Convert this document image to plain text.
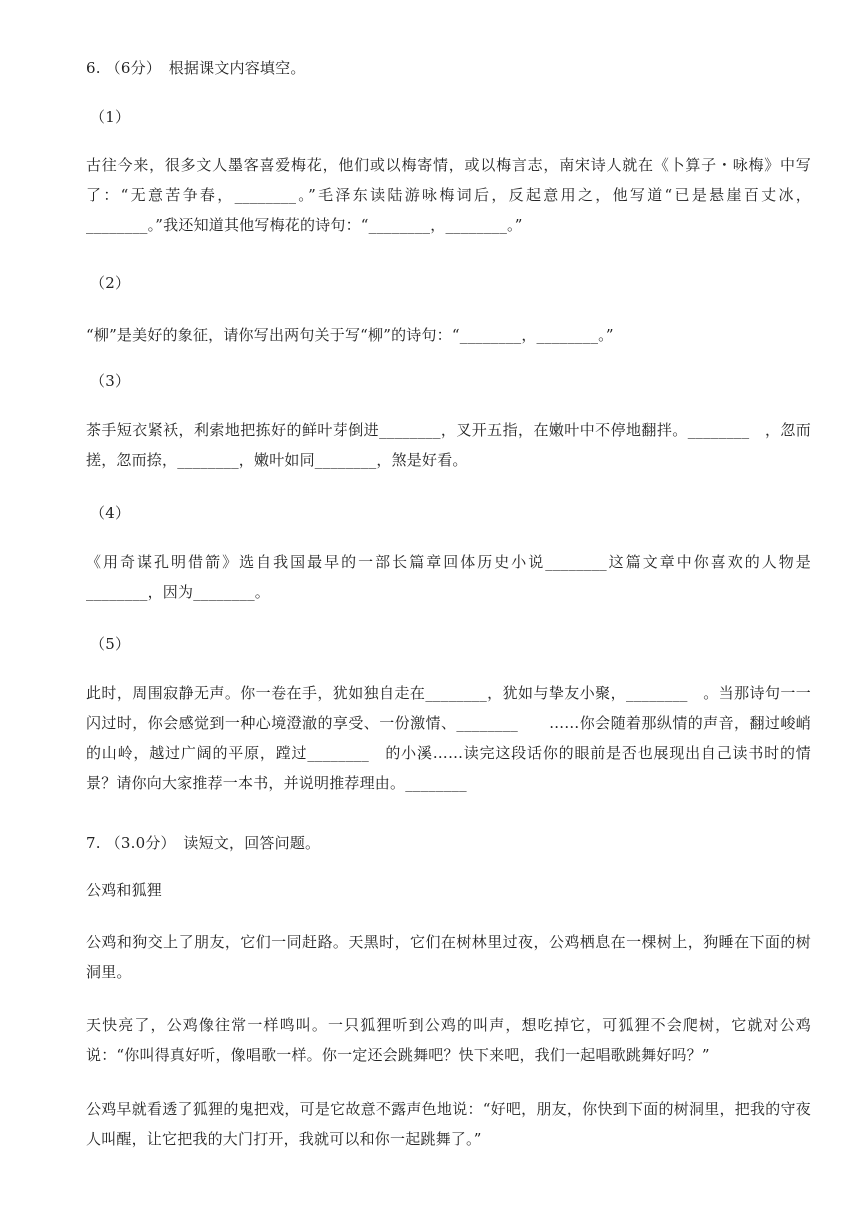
6. （6分）　根据课文内容填空。
（1）
古往今来，很多文人墨客喜爱梅花，他们或以梅寄情，或以梅言志，南宋诗人就在《卜算子・咏梅》中写了：“无意苦争春，________。”毛泽东读陆游咏梅词后，反起意用之，他写道“已是悬崖百丈冰，________。”我还知道其他写梅花的诗句：“________，________。”
（2）
“柳”是美好的象征，请你写出两句关于写“柳”的诗句：“________，________。”
（3）
茶手短衣紧袄，利索地把拣好的鲜叶芽倒进________，叉开五指，在嫩叶中不停地翻拌。________　，忽而搓，忽而捺，________，嫩叶如同________，煞是好看。
（4）
《用奇谋孔明借箭》选自我国最早的一部长篇章回体历史小说________这篇文章中你喜欢的人物是________，因为________。
（5）
此时，周围寂静无声。你一卷在手，犹如独自走在________，犹如与挚友小聚，________　。当那诗句一一闪过时，你会感觉到一种心境澄澈的享受、一份激情、________　　……你会随着那纵情的声音，翻过峻峭的山岭，越过广阔的平原，蹚过________　的小溪……读完这段话你的眼前是否也展现出自己读书时的情景？请你向大家推荐一本书，并说明推荐理由。________
7. （3.0分）　读短文，回答问题。
公鸡和狐狸
公鸡和狗交上了朋友，它们一同赶路。天黑时，它们在树林里过夜，公鸡栖息在一棵树上，狗睡在下面的树洞里。
天快亮了，公鸡像往常一样鸣叫。一只狐狸听到公鸡的叫声，想吃掉它，可狐狸不会爬树，它就对公鸡说：“你叫得真好听，像唱歌一样。你一定还会跳舞吧？快下来吧，我们一起唱歌跳舞好吗？”
公鸡早就看透了狐狸的鬼把戏，可是它故意不露声色地说：“好吧，朋友，你快到下面的树洞里，把我的守夜人叫醒，让它把我的大门打开，我就可以和你一起跳舞了。”
